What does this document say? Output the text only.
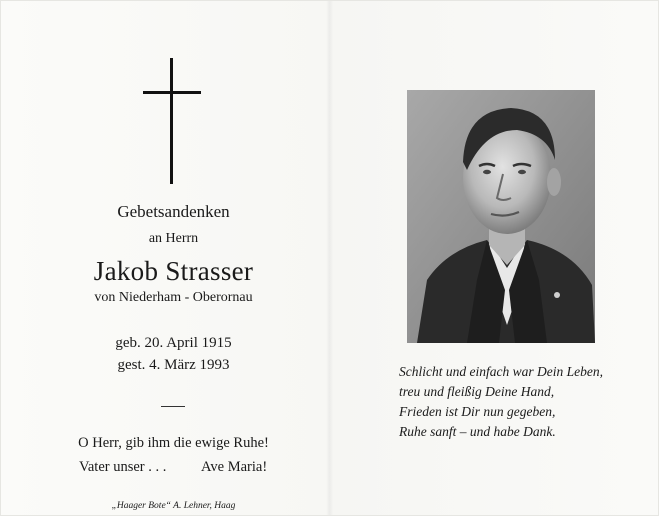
Gebetsandenken
an Herrn
Jakob Strasser
von Niederham - Oberornau
geb. 20. April 1915
gest. 4. März 1993
O Herr, gib ihm die ewige Ruhe!
Vater unser . . . Ave Maria!
„Haager Bote“ A. Lehner, Haag
Schlicht und einfach war Dein Leben,
treu und fleißig Deine Hand,
Frieden ist Dir nun gegeben,
Ruhe sanft – und habe Dank.
